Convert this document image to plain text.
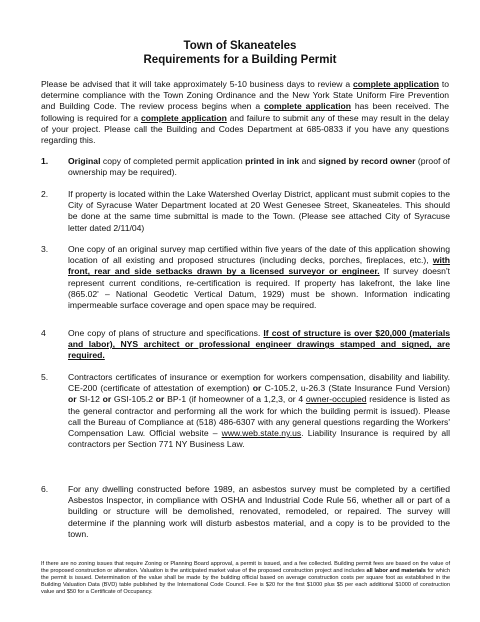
Town of Skaneateles
Requirements for a Building Permit
Please be advised that it will take approximately 5-10 business days to review a complete application to determine compliance with the Town Zoning Ordinance and the New York State Uniform Fire Prevention and Building Code. The review process begins when a complete application has been received. The following is required for a complete application and failure to submit any of these may result in the delay of your project. Please call the Building and Codes Department at 685-0833 if you have any questions regarding this.
1.	Original copy of completed permit application printed in ink and signed by record owner (proof of ownership may be required).
2.	If property is located within the Lake Watershed Overlay District, applicant must submit copies to the City of Syracuse Water Department located at 20 West Genesee Street, Skaneateles. This should be done at the same time submittal is made to the Town. (Please see attached City of Syracuse letter dated 2/11/04)
3.	One copy of an original survey map certified within five years of the date of this application showing location of all existing and proposed structures (including decks, porches, fireplaces, etc.), with front, rear and side setbacks drawn by a licensed surveyor or engineer. If survey doesn't represent current conditions, re-certification is required. If property has lakefront, the lake line (865.02' – National Geodetic Vertical Datum, 1929) must be shown. Information indicating impermeable surface coverage and open space may be required.
4	One copy of plans of structure and specifications. If cost of structure is over $20,000 (materials and labor), NYS architect or professional engineer drawings stamped and signed, are required.
5.	Contractors certificates of insurance or exemption for workers compensation, disability and liability. CE-200 (certificate of attestation of exemption) or C-105.2, u-26.3 (State Insurance Fund Version) or SI-12 or GSI-105.2 or BP-1 (if homeowner of a 1,2,3, or 4 owner-occupied residence is listed as the general contractor and performing all the work for which the building permit is issued). Please call the Bureau of Compliance at (518) 486-6307 with any general questions regarding the Workers' Compensation Law. Official website – www.web.state.ny.us. Liability Insurance is required by all contractors per Section 771 NY Business Law.
6.	For any dwelling constructed before 1989, an asbestos survey must be completed by a certified Asbestos Inspector, in compliance with OSHA and Industrial Code Rule 56, whether all or part of a building or structure will be demolished, renovated, remodeled, or repaired. The survey will determine if the planning work will disturb asbestos material, and a copy is to be provided to the town.
If there are no zoning issues that require Zoning or Planning Board approval, a permit is issued, and a fee collected. Building permit fees are based on the value of the proposed construction or alteration. Valuation is the anticipated market value of the proposed construction project and includes all labor and materials for which the permit is issued. Determination of the value shall be made by the building official based on average construction costs per square foot as established in the Building Valuation Data (BVD) table published by the International Code Council. Fee is $20 for the first $1000 plus $5 per each additional $1000 of construction value and $50 for a Certificate of Occupancy.
